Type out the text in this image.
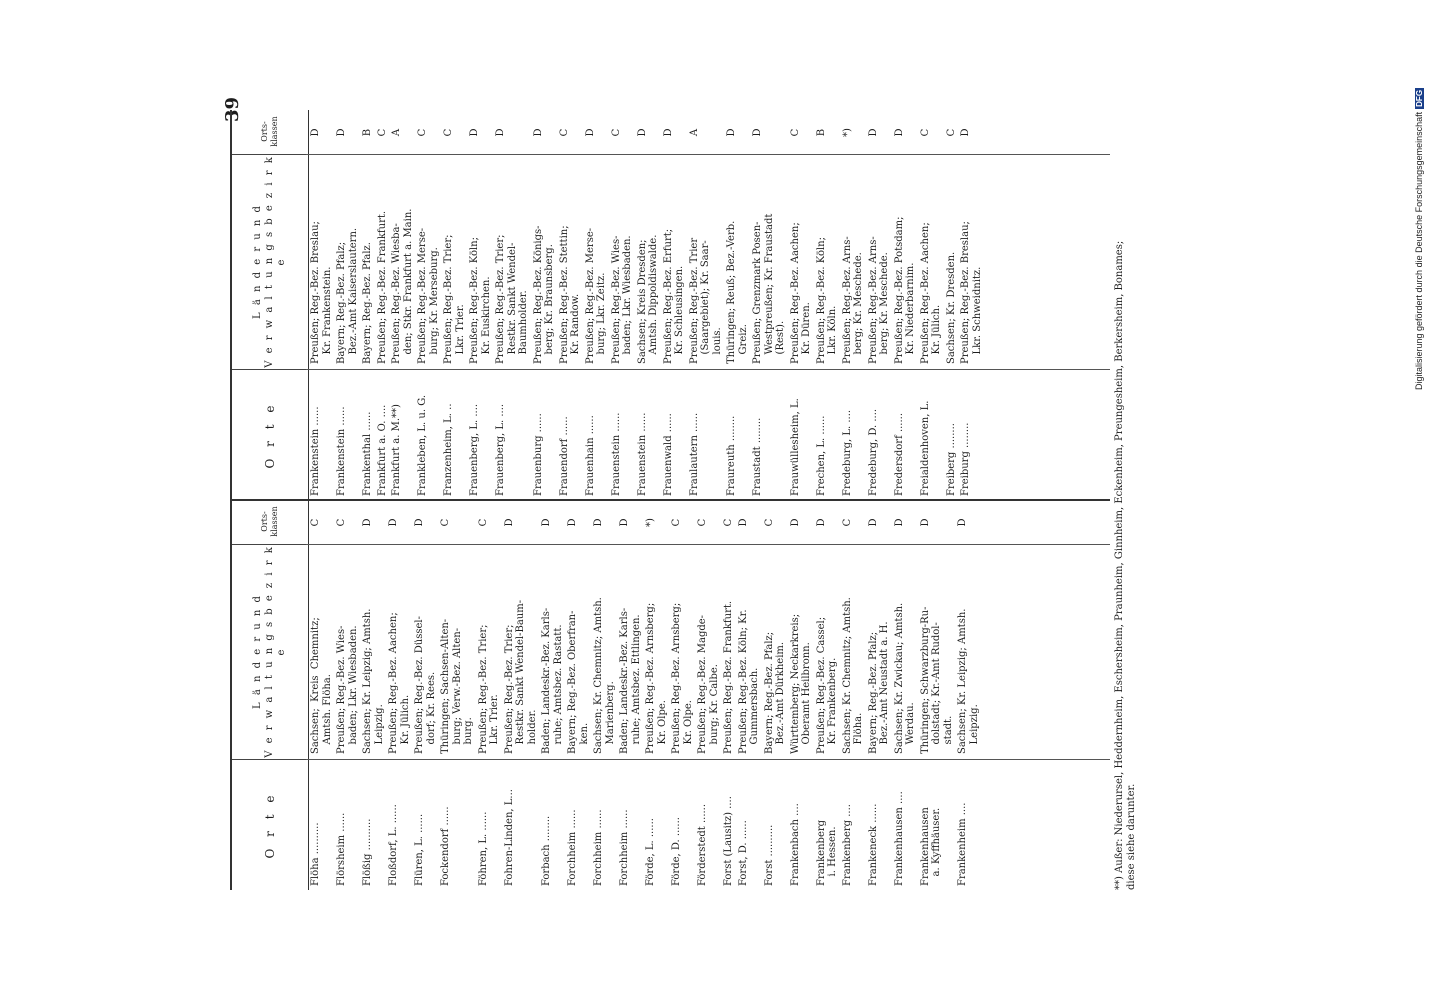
39
O r t e
L ä n d e r u n d
V e r w a l t u n g s b e z i r k e
Orts-
klassen
Flöha ..........
Sachsen;  Kreis  Chemnitz;
Amtsh. Flöha.
C
Flörsheim ......
Preußen; Reg.-Bez. Wies-
baden; Lkr. Wiesbaden.
C
Flößig ..........
Sachsen; Kr. Leipzig; Amtsh.
Leipzig.
D
Floßdorf, L. ......
Preußen; Reg.-Bez. Aachen;
Kr. Jülich.
D
Flüren, L. ......
Preußen; Reg.-Bez. Düssel-
dorf; Kr. Rees.
D
Fockendorf ......
Thüringen; Sachsen-Alten-
burg; Verw.-Bez. Alten-
burg.
C
Föhren, L. ......
Preußen; Reg.-Bez. Trier;
Lkr. Trier.
C
Fohren-Linden, L...
Preußen; Reg.-Bez. Trier;
Restkr. Sankt Wendel-Baum-
holder.
D
Forbach ........
Baden; Landeskr.-Bez. Karls-
ruhe; Amtsbez. Rastatt.
D
Forchheim ......
Bayern; Reg.-Bez. Oberfran-
ken.
D
Forchheim ......
Sachsen; Kr. Chemnitz; Amtsh.
Marienberg.
D
Forchheim ......
Baden; Landeskr.-Bez. Karls-
ruhe; Amtsbez. Ettlingen.
D
Förde, L. ......
Preußen; Reg.-Bez. Arnsberg;
Kr. Olpe.
*)
Förde, D. ......
Preußen; Reg.-Bez. Arnsberg;
Kr. Olpe.
C
Förderstedt ......
Preußen; Reg.-Bez. Magde-
burg; Kr. Calbe.
C
Forst (Lausitz) ....
Preußen; Reg.-Bez. Frankfurt.
C
Forst, D. ......
Preußen; Reg.-Bez. Köln; Kr.
Gummersbach.
D
Forst ..........
Bayern; Reg.-Bez. Pfalz;
Bez.-Amt Dürkheim.
C
Frankenbach ....
Württemberg; Neckarkreis;
Oberamt Heilbronn.
D
Frankenberg
i. Hessen.
Preußen; Reg.-Bez. Cassel;
Kr. Frankenberg.
D
Frankenberg ....
Sachsen; Kr. Chemnitz; Amtsh.
Flöha.
C
Frankeneck ......
Bayern; Reg.-Bez. Pfalz;
Bez.-Amt Neustadt a. H.
D
Frankenhausen ....
Sachsen; Kr. Zwickau; Amtsh.
Werdau.
D
Frankenhausen
a. Kyffhäuser.
Thüringen; Schwarzburg-Ru-
dolstadt; Kr.-Amt Rudol-
stadt.
D
Frankenheim ....
Sachsen; Kr. Leipzig; Amtsh.
Leipzig.
D
O r t e
L ä n d e r u n d
V e r w a l t u n g s b e z i r k e
Orts-
klassen
Frankenstein ......
Preußen; Reg.-Bez. Breslau;
Kr. Frankenstein.
D
Frankenstein ......
Bayern; Reg.-Bez. Pfalz;
Bez.-Amt Kaiserslautern.
D
Frankenthal ......
Bayern; Reg.-Bez. Pfalz.
B
Frankfurt a. O. ....
Preußen; Reg.-Bez. Frankfurt.
C
Frankfurt a. M.**)
Preußen; Reg.-Bez. Wiesba-
den; Stkr. Frankfurt a. Main.
A
Frankleben, L. u. G.
Preußen; Reg.-Bez. Merse-
burg; Kr. Merseburg.
C
Franzenheim, L. ..
Preußen; Reg.-Bez. Trier;
Lkr. Trier.
C
Frauenberg, L. ....
Preußen; Reg.-Bez. Köln;
Kr. Euskirchen.
D
Frauenberg, L. ....
Preußen; Reg.-Bez. Trier;
Restkr. Sankt Wendel-
Baumholder.
D
Frauenburg ......
Preußen; Reg.-Bez. Königs-
berg; Kr. Braunsberg.
D
Frauendorf ......
Preußen; Reg.-Bez. Stettin;
Kr. Randow.
C
Frauenhain ......
Preußen; Reg.-Bez. Merse-
burg; Lkr. Zeitz.
D
Frauenstein ......
Preußen; Reg.-Bez. Wies-
baden; Lkr. Wiesbaden.
C
Frauenstein ......
Sachsen; Kreis Dresden;
Amtsh. Dippoldiswalde.
D
Frauenwald ......
Preußen; Reg.-Bez. Erfurt;
Kr. Schleusingen.
D
Fraulautern ......
Preußen; Reg.-Bez. Trier
(Saargebiet); Kr. Saar-
louis.
A
Fraureuth ........
Thüringen; Reuß; Bez.-Verb.
Greiz.
D
Fraustadt ........
Preußen; Grenzmark Posen-
Westpreußen; Kr. Fraustadt
(Rest).
D
Frauwüllesheim, L.
Preußen; Reg.-Bez. Aachen;
Kr. Düren.
C
Frechen, L. ......
Preußen; Reg.-Bez. Köln;
Lkr. Köln.
B
Fredeburg, L. ....
Preußen; Reg.-Bez. Arns-
berg; Kr. Meschede.
*)
Fredeburg, D. ....
Preußen; Reg.-Bez. Arns-
berg; Kr. Meschede.
D
Fredersdorf ......
Preußen; Reg.-Bez. Potsdam;
Kr. Niederbarnim.
D
Freialdenhoven, L.
Preußen; Reg.-Bez. Aachen;
Kr. Jülich.
C
Freiberg ........
Sachsen; Kr. Dresden.
C
Freiburg ........
Preußen; Reg.-Bez. Breslau;
Lkr. Schweidnitz.
D
**) Außer: Niederursel, Heddernheim, Eschersheim, Praunheim, Ginnheim, Eckenheim, Preungesheim, Berkersheim, Bonames;
diese siehe darunter.
Digitalisierung gefördert durch die Deutsche ForschungsgemeinschaftDFG
